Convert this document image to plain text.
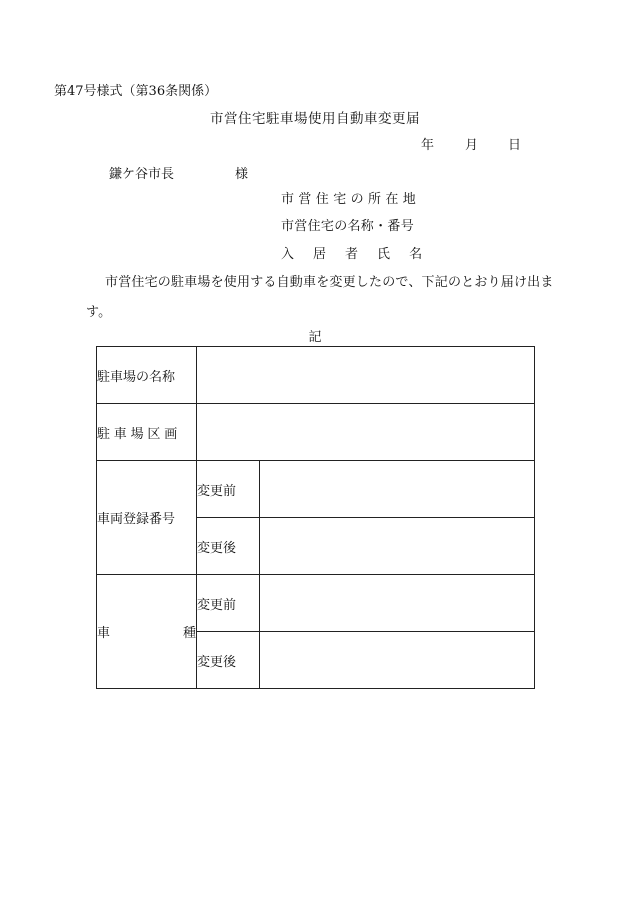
第47号様式（第36条関係）
市営住宅駐車場使用自動車変更届
年 月 日
鎌ケ谷市長	様
市営住宅の所在地
市営住宅の名称・番号
入 居 者 氏 名
市営住宅の駐車場を使用する自動車を変更したので、下記のとおり届け出ます。
記
駐車場の名称		
駐車場区画		
車両登録番号	変更前	
	変更後	

車 種	変更前	
	変更後	
